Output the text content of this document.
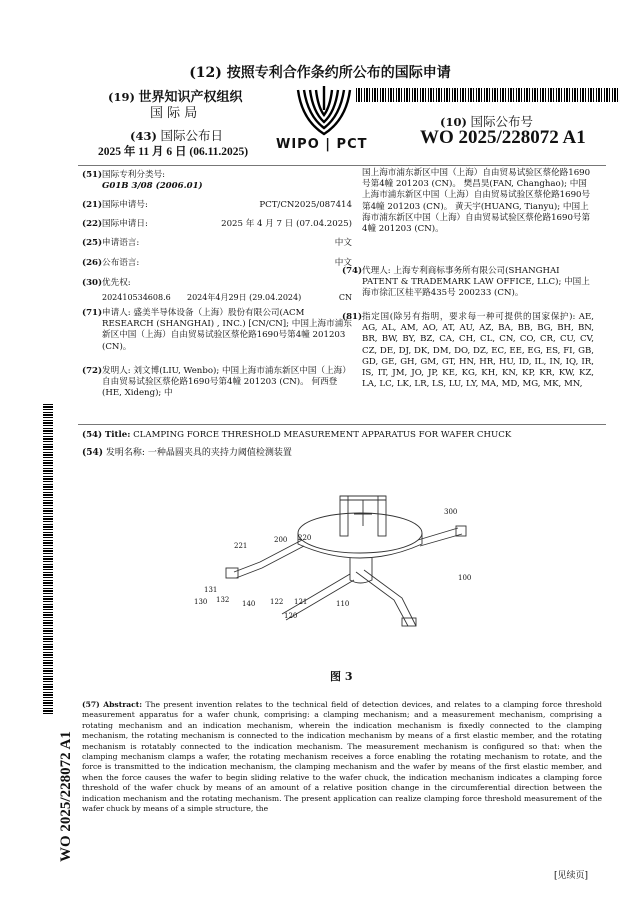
(12) 按照专利合作条约所公布的国际申请
(19) 世界知识产权组织
国 际 局
(43) 国际公布日
2025 年 11 月 6 日 (06.11.2025) WIPO | PCT
(10) 国际公布号
WO 2025/228072 A1
(51)国际专利分类号:
G01B 3/08 (2006.01)
(21)国际申请号:	PCT/CN2025/087414
(22)国际申请日:	2025 年 4 月 7 日 (07.04.2025)
(25)申请语言:	中文
(26)公布语言:	中文
(30)优先权:
202410534608.6 2024年4月29日 (29.04.2024)	CN
(71) 申请人: 盛美半导体设备（上海）股份有限公司(ACM RESEARCH (SHANGHAI) , INC.) [CN/CN]; 中国上海市浦东新区中国（上海）自由贸易试验区蔡伦路1690号第4幢 201203 (CN)。
(72) 发明人: 刘文博(LIU, Wenbo); 中国上海市浦东新区中国（上海）自由贸易试验区蔡伦路1690号第4幢 201203 (CN)。 何西登(HE, Xideng); 中
国上海市浦东新区中国（上海）自由贸易试验区蔡伦路1690号第4幢 201203 (CN)。 樊昌昊(FAN, Changhao); 中国上海市浦东新区中国（上海）自由贸易试验区蔡伦路1690号第4幢 201203 (CN)。 黄天宇(HUANG, Tianyu); 中国上海市浦东新区中国（上海）自由贸易试验区蔡伦路1690号第4幢 201203 (CN)。
(74) 代理人: 上海专利商标事务所有限公司(SHANGHAI PATENT & TRADEMARK LAW OFFICE, LLC); 中国上海市徐汇区桂平路435号 200233 (CN)。
(81) 指定国(除另有指明，要求每一种可提供的国家保护): AE, AG, AL, AM, AO, AT, AU, AZ, BA, BB, BG, BH, BN, BR, BW, BY, BZ, CA, CH, CL, CN, CO, CR, CU, CV, CZ, DE, DJ, DK, DM, DO, DZ, EC, EE, EG, ES, FI, GB, GD, GE, GH, GM, GT, HN, HR, HU, ID, IL, IN, IQ, IR, IS, IT, JM, JO, JP, KE, KG, KH, KN, KP, KR, KW, KZ, LA, LC, LK, LR, LS, LU, LY, MA, MD, MG, MK, MN,
(54) Title: CLAMPING FORCE THRESHOLD MEASUREMENT APPARATUS FOR WAFER CHUCK
(54) 发明名称: 一种晶圆夹具的夹持力阈值检测装置
300
200 220
221
100
131
130 132 140 122 121
120
110
图 3
(57) Abstract: The present invention relates to the technical field of detection devices, and relates to a clamping force threshold measurement apparatus for a wafer chunk, comprising: a clamping mechanism; and a measurement mechanism, comprising a rotating mechanism and an indication mechanism, wherein the indication mechanism is fixedly connected to the clamping mechanism, the rotating mechanism is connected to the indication mechanism by means of a first elastic member, and the rotating mechanism is rotatably connected to the indication mechanism. The measurement mechanism is configured so that: when the clamping mechanism clamps a wafer, the rotating mechanism receives a force enabling the rotating mechanism to rotate, and the force is transmitted to the indication mechanism, the clamping mechanism and the wafer by means of the first elastic member, and when the force causes the wafer to begin sliding relative to the wafer chuck, the indication mechanism indicates a clamping force threshold of the wafer chuck by means of an amount of a relative position change in the circumferential direction between the indication mechanism and the rotating mechanism. The present application can realize clamping force threshold measurement of the wafer chuck by means of a simple structure, the
WO 2025/228072 A1
[见续页]
